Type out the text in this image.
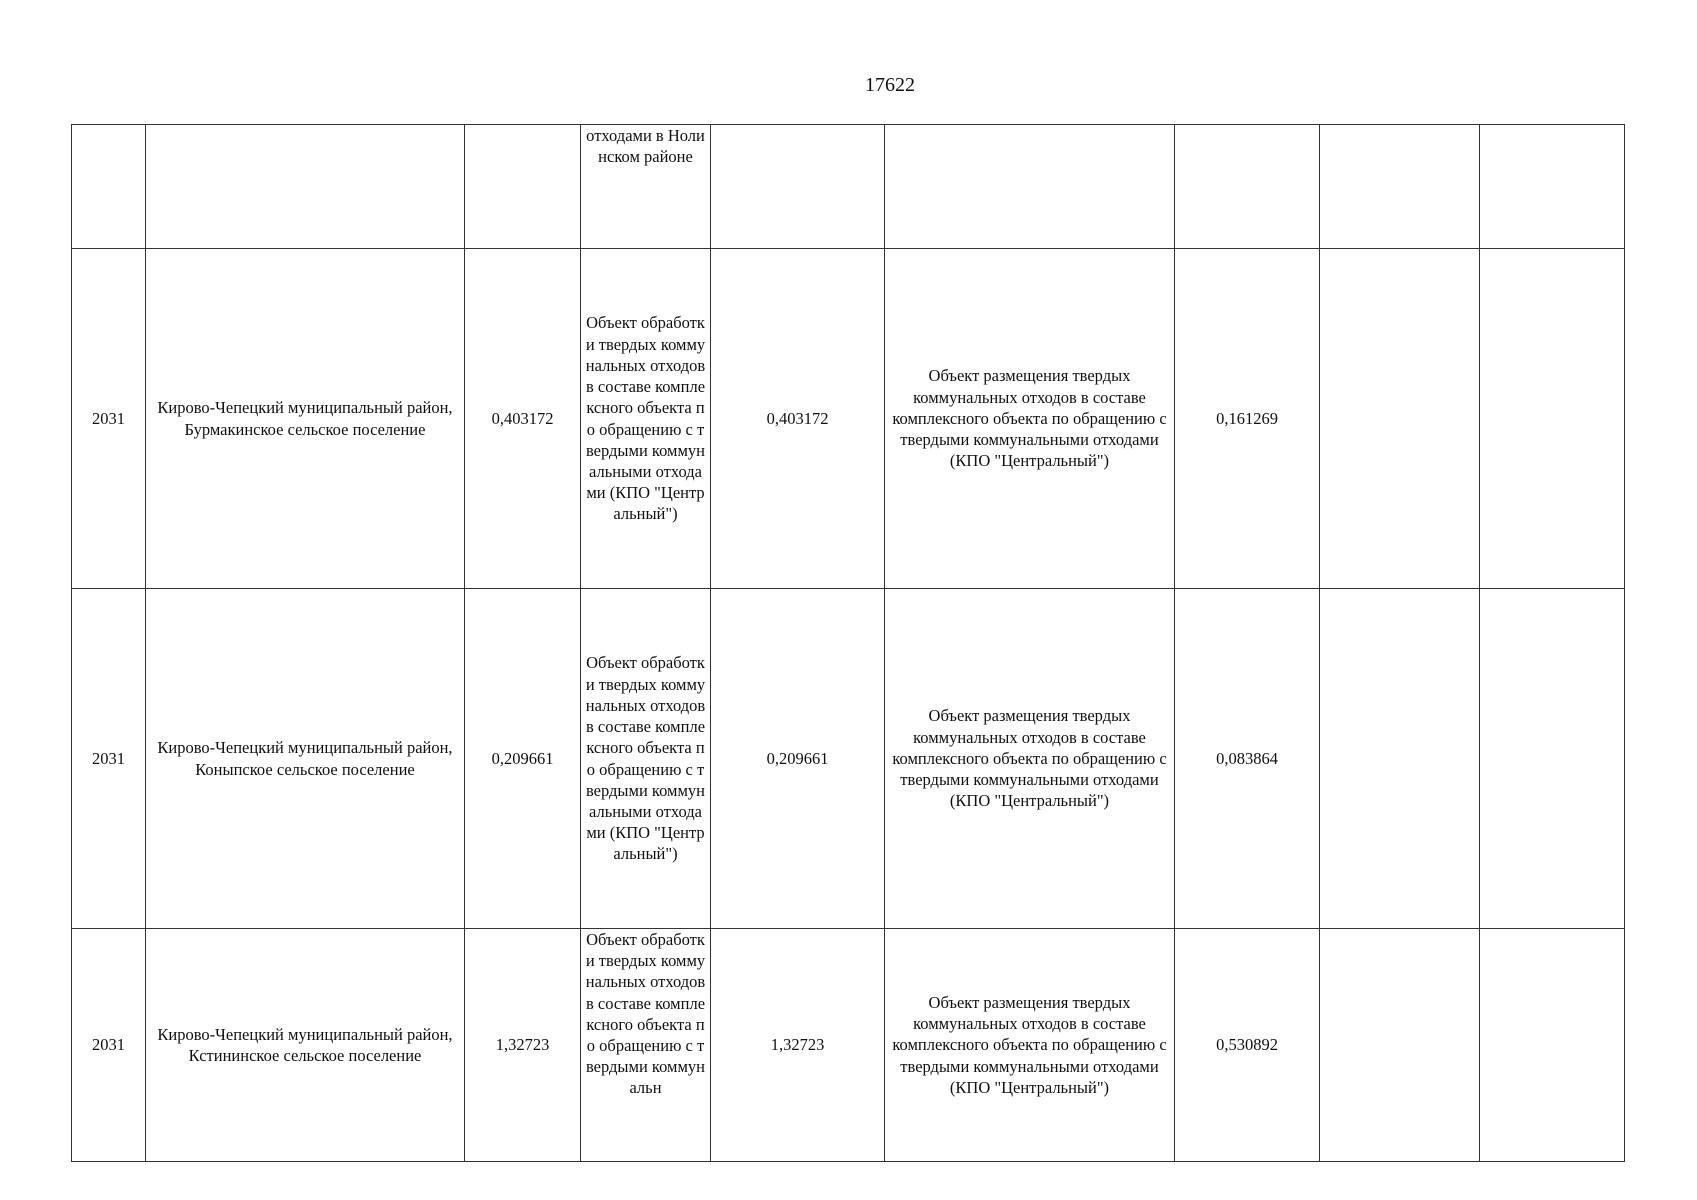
17622
			отходами в Нолинском районе					
2031	Кирово-Чепецкий муниципальный район, Бурмакинское сельское поселение	0,403172	Объект обработки твердых коммунальных отходов в составе комплексного объекта по обращению с твердыми коммунальными отходами (КПО "Центральный")	0,403172	Объект размещения твердых коммунальных отходов в составе комплексного объекта по обращению с твердыми коммунальными отходами (КПО "Центральный")	0,161269		
2031	Кирово-Чепецкий муниципальный район, Коныпское сельское поселение	0,209661	Объект обработки твердых коммунальных отходов в составе комплексного объекта по обращению с твердыми коммунальными отходами (КПО "Центральный")	0,209661	Объект размещения твердых коммунальных отходов в составе комплексного объекта по обращению с твердыми коммунальными отходами (КПО "Центральный")	0,083864		
2031	Кирово-Чепецкий муниципальный район, Кстининское сельское поселение	1,32723	Объект обработки твердых коммунальных отходов в составе комплексного объекта по обращению с твердыми коммунальн	1,32723	Объект размещения твердых коммунальных отходов в составе комплексного объекта по обращению с твердыми коммунальными отходами (КПО "Центральный")	0,530892		
